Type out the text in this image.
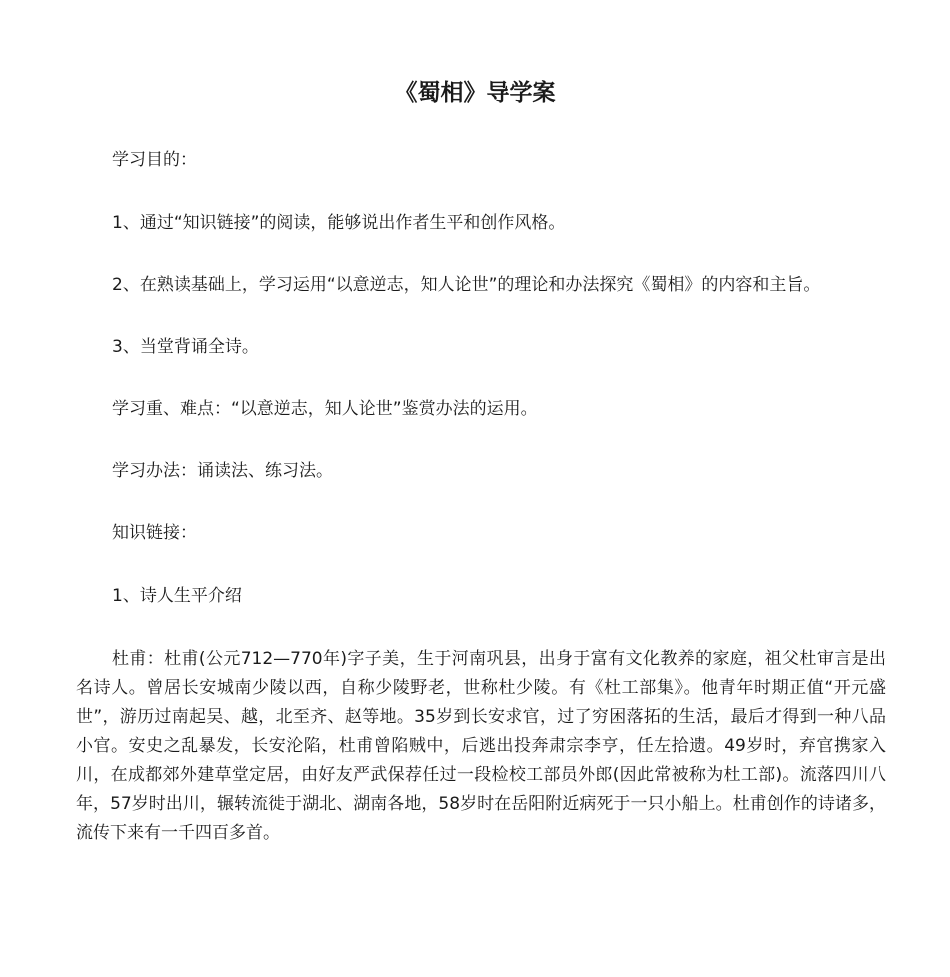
《蜀相》导学案

学习目的：

1、通过“知识链接”的阅读，能够说出作者生平和创作风格。

2、在熟读基础上，学习运用“以意逆志，知人论世”的理论和办法探究《蜀相》的内容和主旨。

3、当堂背诵全诗。

学习重、难点：“以意逆志，知人论世”鉴赏办法的运用。

学习办法：诵读法、练习法。

知识链接：

1、诗人生平介绍

杜甫：杜甫(公元712—770年)字子美，生于河南巩县，出身于富有文化教养的家庭，祖父杜审言是出名诗人。曾居长安城南少陵以西，自称少陵野老，世称杜少陵。有《杜工部集》。他青年时期正值“开元盛世”，游历过南起吴、越，北至齐、赵等地。35岁到长安求官，过了穷困落拓的生活，最后才得到一种八品小官。安史之乱暴发，长安沦陷，杜甫曾陷贼中，后逃出投奔肃宗李亨，任左拾遗。49岁时，弃官携家入川，在成都郊外建草堂定居，由好友严武保荐任过一段检校工部员外郎(因此常被称为杜工部)。流落四川八年，57岁时出川，辗转流徙于湖北、湖南各地，58岁时在岳阳附近病死于一只小船上。杜甫创作的诗诸多，流传下来有一千四百多首。
